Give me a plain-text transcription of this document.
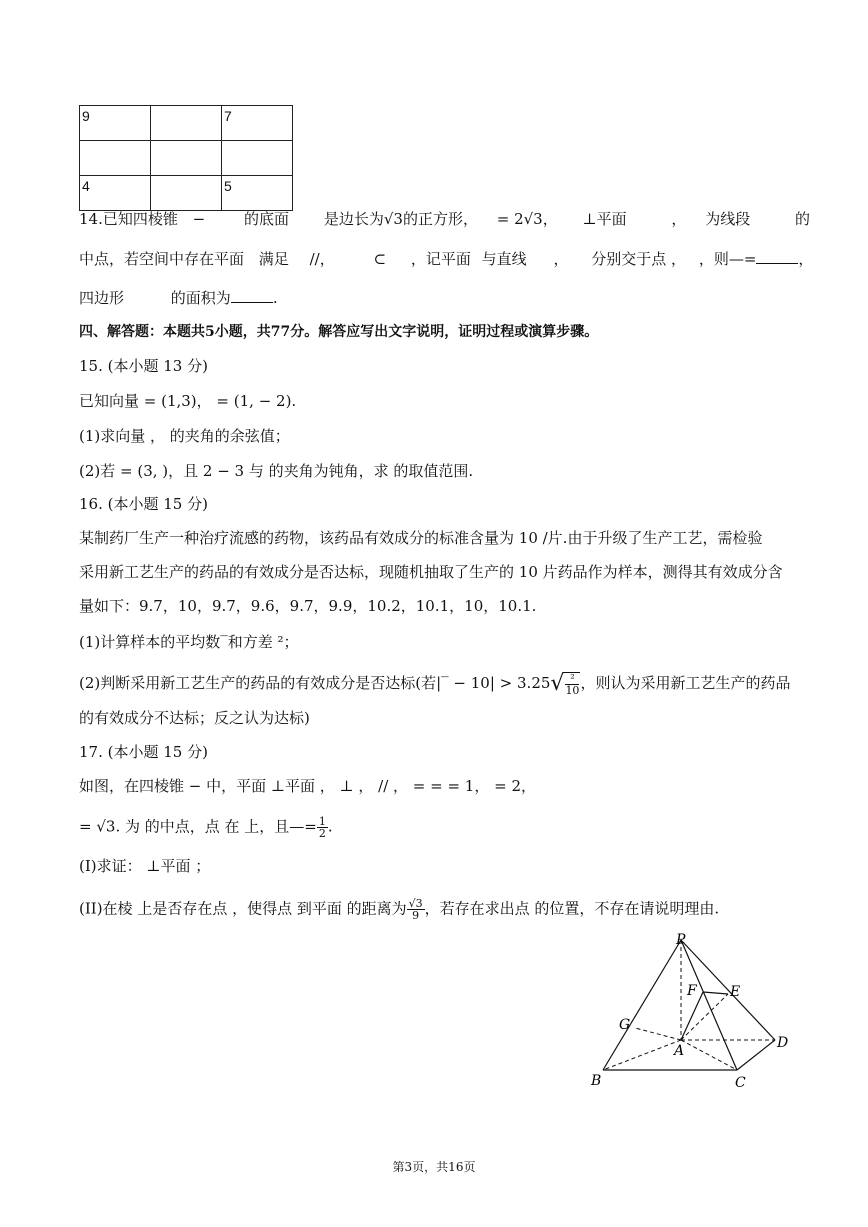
9		7

4		5
14.已知四棱锥 −	的底面 是边长为√3的正方形， = 2√3， ⊥平面	， 为线段	的
中点，若空间中存在平面 满足 //，	⊂ ，记平面 与直线 ， 分别交于点 ， ，则—=	，
四边形	的面积为	.
四、解答题：本题共5小题，共77分。解答应写出文字说明，证明过程或演算步骤。
15. (本小题 13 分)
已知向量 = (1,3)， = (1, − 2).
(1)求向量 ， 的夹角的余弦值；
(2)若 = (3, )，且 2 − 3 与 的夹角为钝角，求 的取值范围.
16. (本小题 15 分)
某制药厂生产一种治疗流感的药物，该药品有效成分的标准含量为 10 /片.由于升级了生产工艺，需检验
采用新工艺生产的药品的有效成分是否达标，现随机抽取了生产的 10 片药品作为样本，测得其有效成分含
量如下：9.7，10，9.7，9.6，9.7，9.9，10.2，10.1，10，10.1.
(1)计算样本的平均数‾和方差 ²；
(2)判断采用新工艺生产的药品的有效成分是否达标(若|‾ − $10| > 3.25√ \frac{\text{²}}{10}$ ，则认为采用新工艺生产的药品
的有效成分不达标；反之认为达标)
17. (本小题 15 分)
如图，在四棱锥 − 中，平面 ⊥平面 ， ⊥ ， // ， = = = 1， = 2，
= √3. 为 的中点，点 在 上，且—= $\frac{1}{2}$ .
(I)求证： ⊥平面 ；
(II)在棱 上是否存在点 ，使得点 到平面 的距离为 $\frac{√3}{9}$ ，若存在求出点 的位置，不存在请说明理由.
P
F E
G
A	D
B	C
第3页，共16页
